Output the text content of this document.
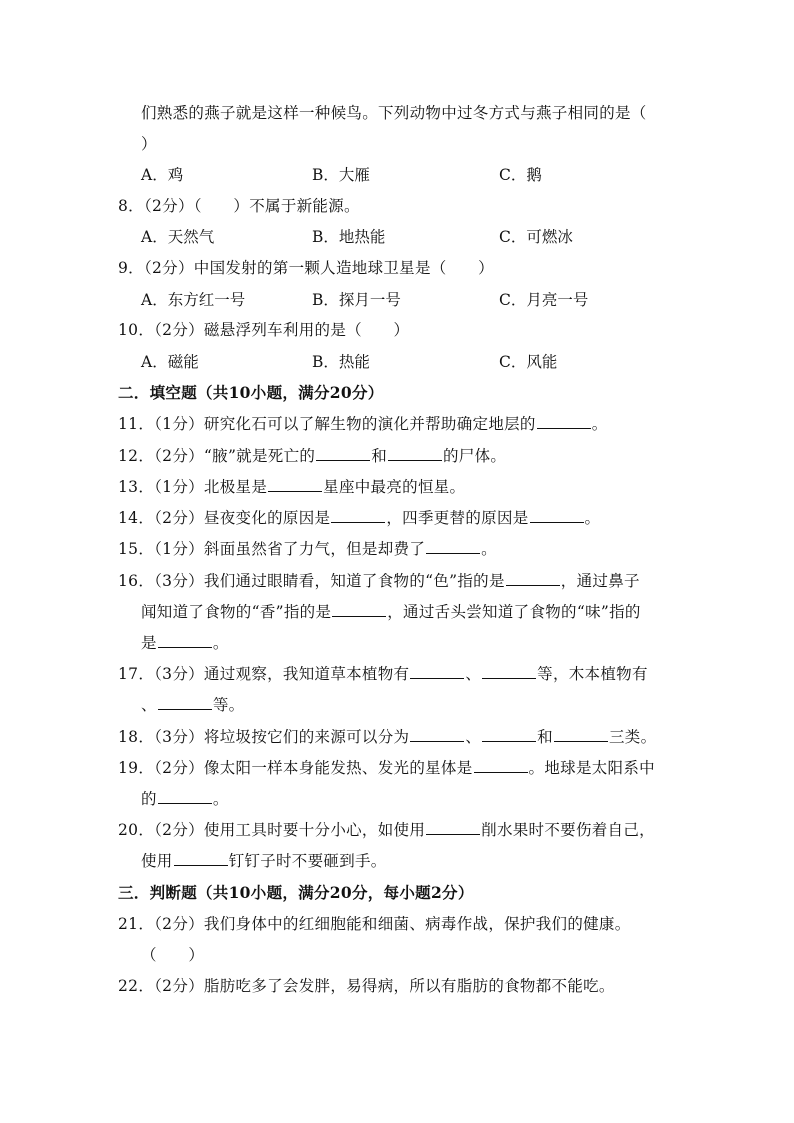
们熟悉的燕子就是这样一种候鸟。下列动物中过冬方式与燕子相同的是（
）
A．鸡	B．大雁	C．鹅
8．（2分）（　　）不属于新能源。
A．天然气	B．地热能	C．可燃冰
9．（2分）中国发射的第一颗人造地球卫星是（　　）
A．东方红一号	B．探月一号	C．月亮一号
10．（2分）磁悬浮列车利用的是（　　）
A．磁能	B．热能	C．风能
二．填空题（共10小题，满分20分）
11．（1分）研究化石可以了解生物的演化并帮助确定地层的	。
12．（2分）“腋”就是死亡的	和	的尸体。
13．（1分）北极星是	星座中最亮的恒星。
14．（2分）昼夜变化的原因是	，四季更替的原因是	。
15．（1分）斜面虽然省了力气，但是却费了	。
16．（3分）我们通过眼睛看，知道了食物的“色”指的是	，通过鼻子
闻知道了食物的“香”指的是	，通过舌头尝知道了食物的“味”指的
是	。
17．（3分）通过观察，我知道草本植物有	、	等，木本植物有
、	等。
18．（3分）将垃圾按它们的来源可以分为	、	和	三类。
19．（2分）像太阳一样本身能发热、发光的星体是	。地球是太阳系中
的	。
20．（2分）使用工具时要十分小心，如使用	削水果时不要伤着自己，
使用	钉钉子时不要砸到手。
三．判断题（共10小题，满分20分，每小题2分）
21．（2分）我们身体中的红细胞能和细菌、病毒作战，保护我们的健康。
（　　）
22．（2分）脂肪吃多了会发胖，易得病，所以有脂肪的食物都不能吃。
